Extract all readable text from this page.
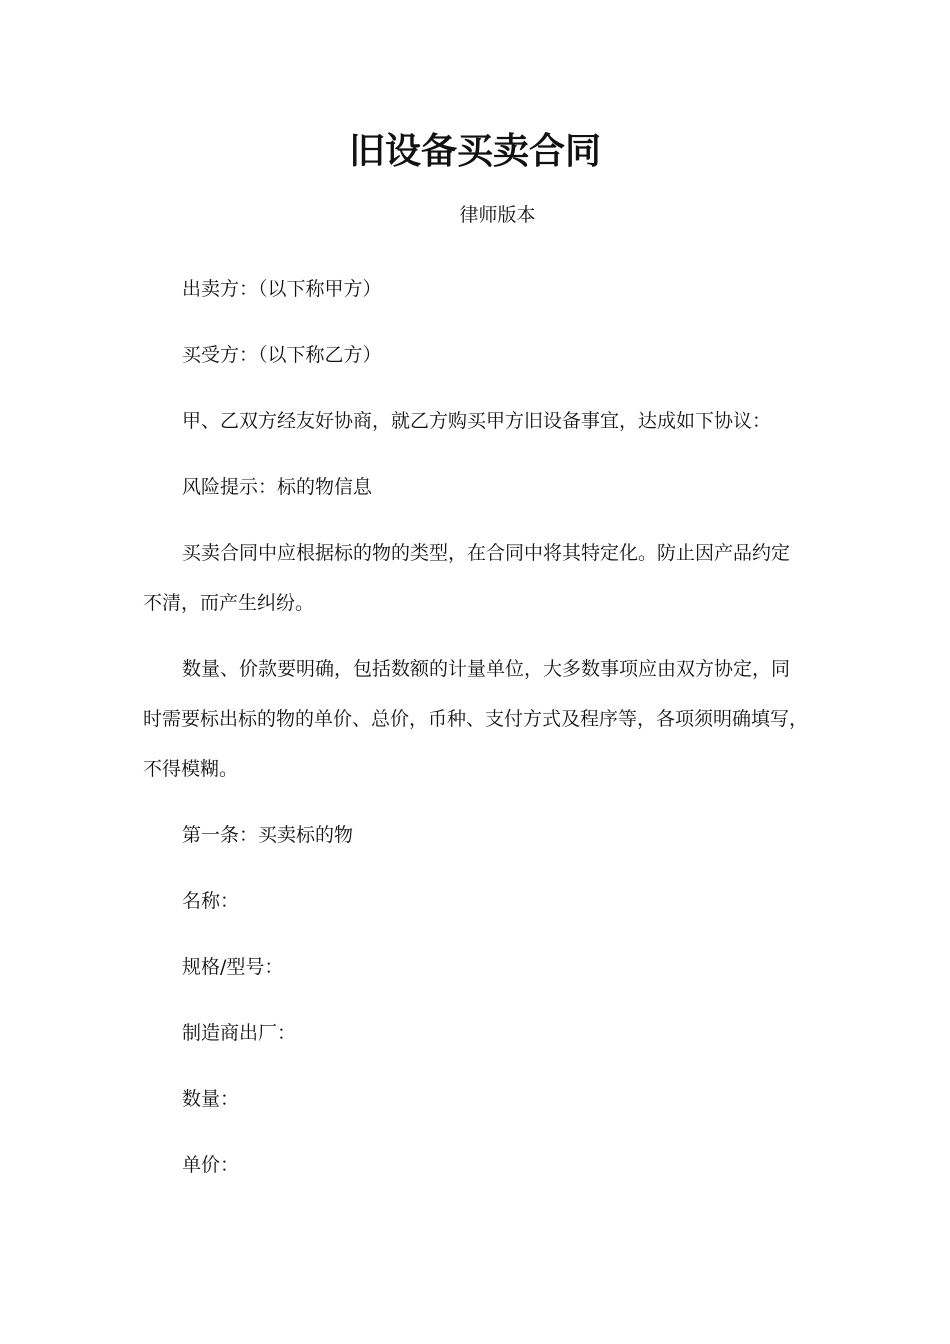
旧设备买卖合同
律师版本

出卖方：（以下称甲方）

买受方：（以下称乙方）

甲、乙双方经友好协商，就乙方购买甲方旧设备事宜，达成如下协议：

风险提示：标的物信息

买卖合同中应根据标的物的类型，在合同中将其特定化。防止因产品约定不清，而产生纠纷。

数量、价款要明确，包括数额的计量单位，大多数事项应由双方协定，同时需要标出标的物的单价、总价，币种、支付方式及程序等，各项须明确填写，不得模糊。

第一条：买卖标的物

名称：

规格/型号：

制造商出厂：

数量：

单价：
